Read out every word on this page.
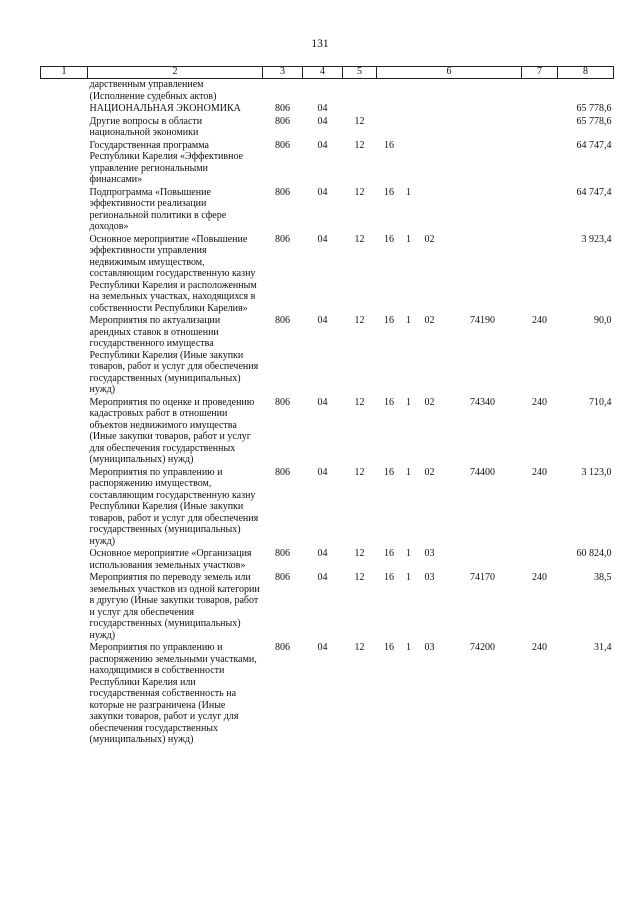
131
1	2	3	4	5	6				7	8
	дарственным управлением (Исполнение судебных актов)									
	НАЦИОНАЛЬНАЯ ЭКОНОМИКА	806	04							65 778,6
	Другие вопросы в области национальной экономики	806	04	12						65 778,6
	Государственная программа Республики Карелия «Эффективное управление региональными финансами»	806	04	12	16					64 747,4
	Подпрограмма «Повышение эффективности реализации региональной политики в сфере доходов»	806	04	12	16	1				64 747,4
	Основное мероприятие «Повышение эффективности управления недвижимым имуществом, составляющим государственную казну Республики Карелия и расположенным на земельных участках, находящихся в собственности Республики Карелия»	806	04	12	16	1	02			3 923,4
	Мероприятия по актуализации арендных ставок в отношении государственного имущества Республики Карелия (Иные закупки товаров, работ и услуг для обеспечения государственных (муниципальных) нужд)	806	04	12	16	1	02	74190	240	90,0
	Мероприятия по оценке и проведению кадастровых работ в отношении объектов недвижимого имущества (Иные закупки товаров, работ и услуг для обеспечения государственных (муниципальных) нужд)	806	04	12	16	1	02	74340	240	710,4
	Мероприятия по управлению и распоряжению имуществом, составляющим государственную казну Республики Карелия (Иные закупки товаров, работ и услуг для обеспечения государственных (муниципальных) нужд)	806	04	12	16	1	02	74400	240	3 123,0
	Основное мероприятие «Организация использования земельных участков»	806	04	12	16	1	03			60 824,0
	Мероприятия по переводу земель или земельных участков из одной категории в другую (Иные закупки товаров, работ и услуг для обеспечения государственных (муниципальных) нужд)	806	04	12	16	1	03	74170	240	38,5
	Мероприятия по управлению и распоряжению земельными участками, находящимися в собственности Республики Карелия или государственная собственность на которые не разграничена (Иные закупки товаров, работ и услуг для обеспечения государственных (муниципальных) нужд)	806	04	12	16	1	03	74200	240	31,4
